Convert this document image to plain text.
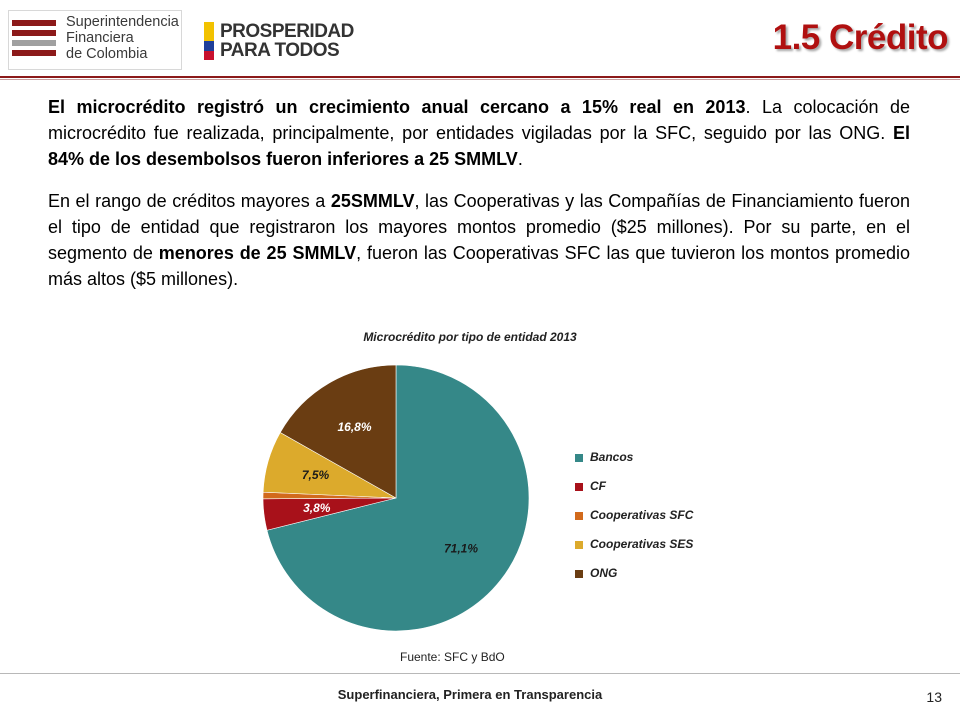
Superintendencia
Financiera
de Colombia
PROSPERIDAD
PARA TODOS	1.5 Crédito

El microcrédito registró un crecimiento anual cercano a 15% real en 2013. La colocación de microcrédito fue realizada, principalmente, por entidades vigiladas por la SFC, seguido por las ONG. El 84% de los desembolsos fueron inferiores a 25 SMMLV.

En el rango de créditos mayores a 25SMMLV, las Cooperativas y las Compañías de Financiamiento fueron el tipo de entidad que registraron los mayores montos promedio ($25 millones). Por su parte, en el segmento de menores de 25 SMMLV, fueron las Cooperativas SFC las que tuvieron los montos promedio más altos ($5 millones).

Microcrédito por tipo de entidad 2013
71,1%
3,8%
7,5%
16,8%
Bancos
CF
Cooperativas SFC
Cooperativas SES
ONG
Fuente: SFC y BdO
Superfinanciera, Primera en Transparencia	13
